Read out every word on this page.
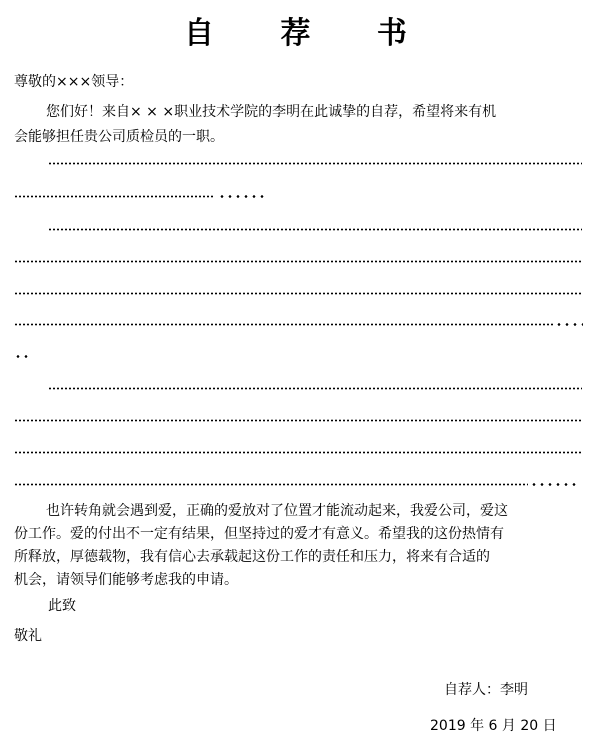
自 荐 书
尊敬的×××领导：
您们好！来自× × ×职业技术学院的李明在此诚挚的自荐，希望将来有机
会能够担任贵公司质检员的一职。
也许转角就会遇到爱，正确的爱放对了位置才能流动起来，我爱公司，爱这
份工作。爱的付出不一定有结果，但坚持过的爱才有意义。希望我的这份热情有
所释放，厚德载物，我有信心去承载起这份工作的责任和压力，将来有合适的
机会，请领导们能够考虑我的申请。
此致
敬礼
自荐人：李明
2019 年 6 月 20 日
